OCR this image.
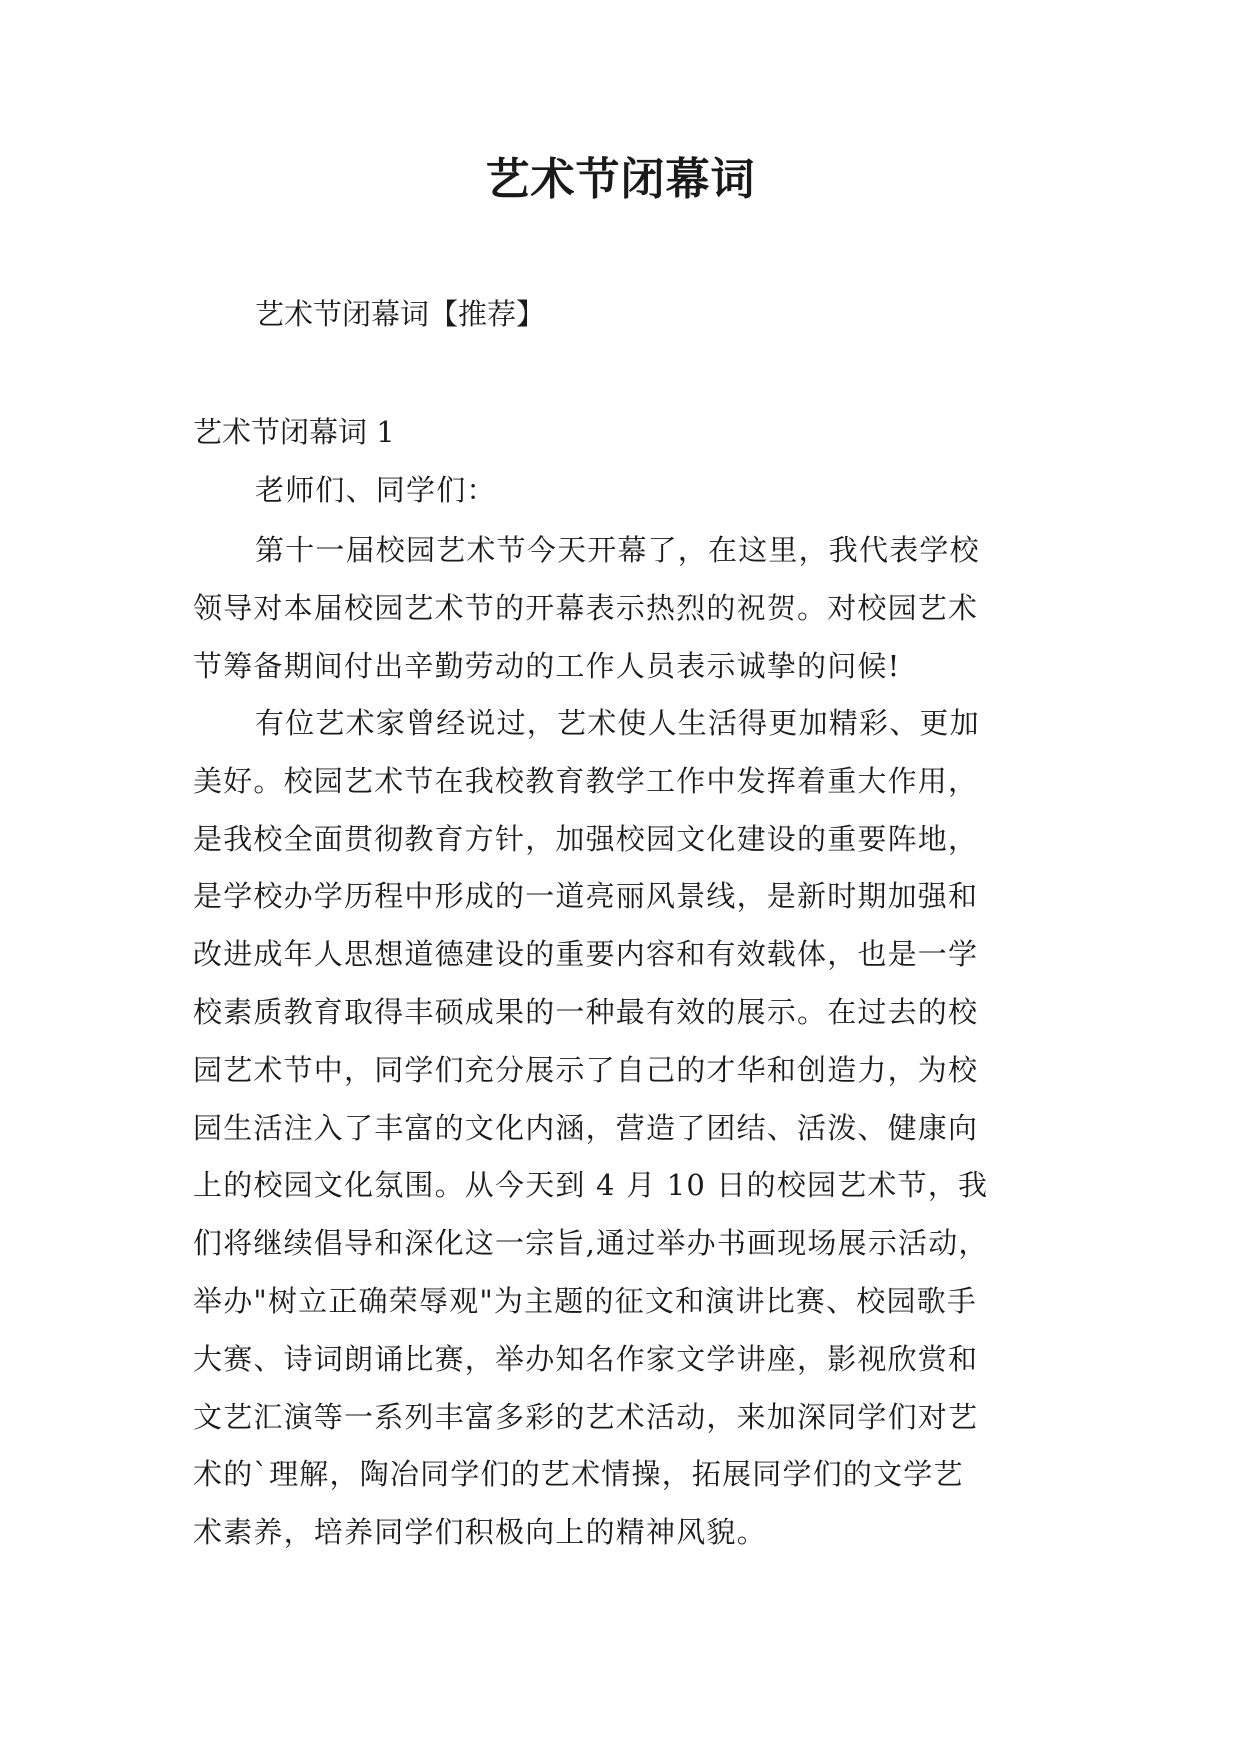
艺术节闭幕词
艺术节闭幕词【推荐】
艺术节闭幕词 1
老师们、同学们：
第十一届校园艺术节今天开幕了，在这里，我代表学校
领导对本届校园艺术节的开幕表示热烈的祝贺。对校园艺术
节筹备期间付出辛勤劳动的工作人员表示诚挚的问候!
有位艺术家曾经说过，艺术使人生活得更加精彩、更加
美好。校园艺术节在我校教育教学工作中发挥着重大作用，
是我校全面贯彻教育方针，加强校园文化建设的重要阵地，
是学校办学历程中形成的一道亮丽风景线，是新时期加强和
改进成年人思想道德建设的重要内容和有效载体，也是一学
校素质教育取得丰硕成果的一种最有效的展示。在过去的校
园艺术节中，同学们充分展示了自己的才华和创造力，为校
园生活注入了丰富的文化内涵，营造了团结、活泼、健康向
上的校园文化氛围。从今天到 4 月 10 日的校园艺术节，我
们将继续倡导和深化这一宗旨,通过举办书画现场展示活动，
举办"树立正确荣辱观"为主题的征文和演讲比赛、校园歌手
大赛、诗词朗诵比赛，举办知名作家文学讲座，影视欣赏和
文艺汇演等一系列丰富多彩的艺术活动，来加深同学们对艺
术的`理解，陶冶同学们的艺术情操，拓展同学们的文学艺
术素养，培养同学们积极向上的精神风貌。
